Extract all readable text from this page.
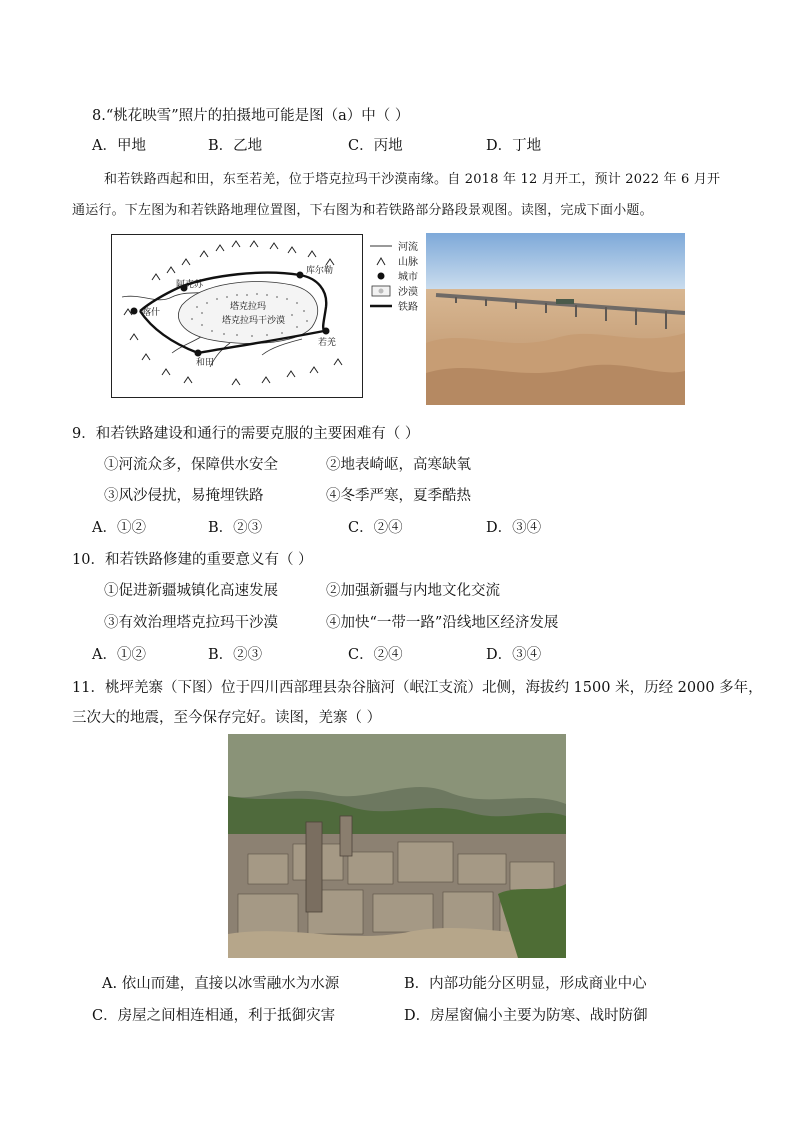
8.“桃花映雪”照片的拍摄地可能是图（a）中（ ）
A．甲地	B．乙地	C．丙地	D．丁地
和若铁路西起和田，东至若羌，位于塔克拉玛干沙漠南缘。自 2018 年 12 月开工，预计 2022 年 6 月开
通运行。下左图为和若铁路地理位置图，下右图为和若铁路部分路段景观图。读图，完成下面小题。
阿克苏
库尔勒
喀什
和田
若羌
塔克拉玛
塔克拉玛干沙漠
河流
山脉
城市
沙漠
铁路
9．和若铁路建设和通行的需要克服的主要困难有（ ）
①河流众多，保障供水安全	②地表崎岖，高寒缺氧
③风沙侵扰，易掩埋铁路	④冬季严寒，夏季酷热
A．①②	B．②③	C．②④	D．③④
10．和若铁路修建的重要意义有（ ）
①促进新疆城镇化高速发展	②加强新疆与内地文化交流
③有效治理塔克拉玛干沙漠	④加快“一带一路”沿线地区经济发展
A．①②	B．②③	C．②④	D．③④
11．桃坪羌寨（下图）位于四川西部理县杂谷脑河（岷江支流）北侧，海拔约 1500 米，历经 2000 多年，
三次大的地震，至今保存完好。读图，羌寨（ ）
A. 依山而建，直接以冰雪融水为水源	B．内部功能分区明显，形成商业中心
C．房屋之间相连相通，利于抵御灾害	D．房屋窗偏小主要为防寒、战时防御
